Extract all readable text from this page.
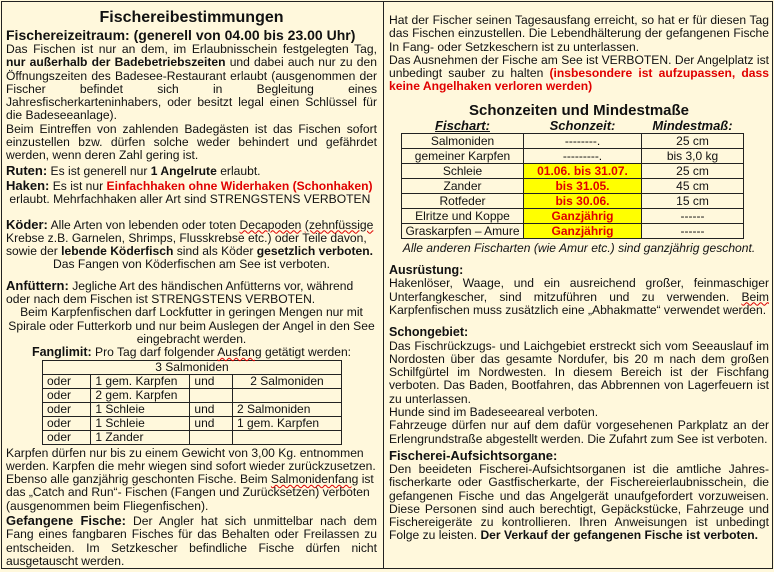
Fischereibestimmungen
Fischereizeitraum: (generell von 04.00 bis 23.00 Uhr)

Das Fischen ist nur an dem, im Erlaubnisschein festgelegten Tag, nur außerhalb der Badebetriebszeiten und dabei auch nur zu den Öffnungszeiten des Badesee-Restaurant erlaubt (ausgenommen der Fischer befindet sich in Begleitung eines Jahresfischerkarteninhabers, oder besitzt legal einen Schlüssel für die Badeseeanlage).

Beim Eintreffen von zahlenden Badegästen ist das Fischen sofort einzustellen bzw. dürfen solche weder behindert und gefährdet werden, wenn deren Zahl gering ist.

Ruten: Es ist generell nur 1 Angelrute erlaubt.

Haken: Es ist nur Einfachhaken ohne Widerhaken (Schonhaken)
erlaubt. Mehrfachhaken aller Art sind STRENGSTENS VERBOTEN

Köder: Alle Arten von lebenden oder toten Decapoden (zehnfüssige Krebse z.B. Garnelen, Shrimps, Flusskrebse etc.) oder Teile davon, sowie der lebende Köderfisch sind als Köder gesetzlich verboten.

Das Fangen von Köderfischen am See ist verboten.

Anfüttern: Jegliche Art des händischen Anfütterns vor, während oder nach dem Fischen ist STRENGSTENS VERBOTEN.

Beim Karpfenfischen darf Lockfutter in geringen Mengen nur mit Spirale oder Futterkorb und nur beim Auslegen der Angel in den See eingebracht werden.

Fanglimit: Pro Tag darf folgender Ausfang getätigt werden:

3 Salmoniden			
oder	1 gem. Karpfen	und	2 Salmoniden
oder	2 gem. Karpfen		
oder	1 Schleie	und	2 Salmoniden
oder	1 Schleie	und	1 gem. Karpfen
oder	1 Zander		

Karpfen dürfen nur bis zu einem Gewicht von 3,00 Kg. entnommen werden. Karpfen die mehr wiegen sind sofort wieder zurückzusetzen. Ebenso alle ganzjährig geschonten Fische. Beim Salmonidenfang ist das „Catch and Run“- Fischen (Fangen und Zurücksetzen) verboten (ausgenommen beim Fliegenfischen).

Gefangene Fische: Der Angler hat sich unmittelbar nach dem Fang eines fangbaren Fisches für das Behalten oder Freilassen zu entscheiden. Im Setzkescher befindliche Fische dürfen nicht ausgetauscht werden.

Hat der Fischer seinen Tagesausfang erreicht, so hat er für diesen Tag das Fischen einzustellen. Die Lebendhälterung der gefangenen Fische In Fang- oder Setzkeschern ist zu unterlassen.

Das Ausnehmen der Fische am See ist VERBOTEN. Der Angelplatz ist unbedingt sauber zu halten (insbesondere ist aufzupassen, dass keine Angelhaken verloren werden)

Schonzeiten und Mindestmaße
Fischart:	Schonzeit:	Mindestmaß:
Salmoniden	--------.	25 cm
gemeiner Karpfen	---------.	bis 3,0 kg
Schleie	01.06. bis 31.07.	25 cm
Zander	bis 31.05.	45 cm
Rotfeder	bis 30.06.	15 cm
Elritze und Koppe	Ganzjährig	------
Graskarpfen – Amure	Ganzjährig	------

Alle anderen Fischarten (wie Amur etc.) sind ganzjährig geschont.

Ausrüstung:

Hakenlöser, Waage, und ein ausreichend großer, feinmaschiger Unterfangkescher, sind mitzuführen und zu verwenden. Beim Karpfenfischen muss zusätzlich eine „Abhakmatte“ verwendet werden.

Schongebiet:

Das Fischrückzugs- und Laichgebiet erstreckt sich vom Seeauslauf im Nordosten über das gesamte Nordufer, bis 20 m nach dem großen Schilfgürtel im Nordwesten. In diesem Bereich ist der Fischfang verboten. Das Baden, Bootfahren, das Abbrennen von Lagerfeuern ist zu unterlassen.

Hunde sind im Badeseeareal verboten.

Fahrzeuge dürfen nur auf dem dafür vorgesehenen Parkplatz an der Erlengrundstraße abgestellt werden. Die Zufahrt zum See ist verboten.

Fischerei-Aufsichtsorgane:

Den beeideten Fischerei-Aufsichtsorganen ist die amtliche Jahres-fischerkarte oder Gastfischerkarte, der Fischereierlaubnisschein, die gefangenen Fische und das Angelgerät unaufgefordert vorzuweisen. Diese Personen sind auch berechtigt, Gepäckstücke, Fahrzeuge und Fischereigeräte zu kontrollieren. Ihren Anweisungen ist unbedingt Folge zu leisten. Der Verkauf der gefangenen Fische ist verboten.
